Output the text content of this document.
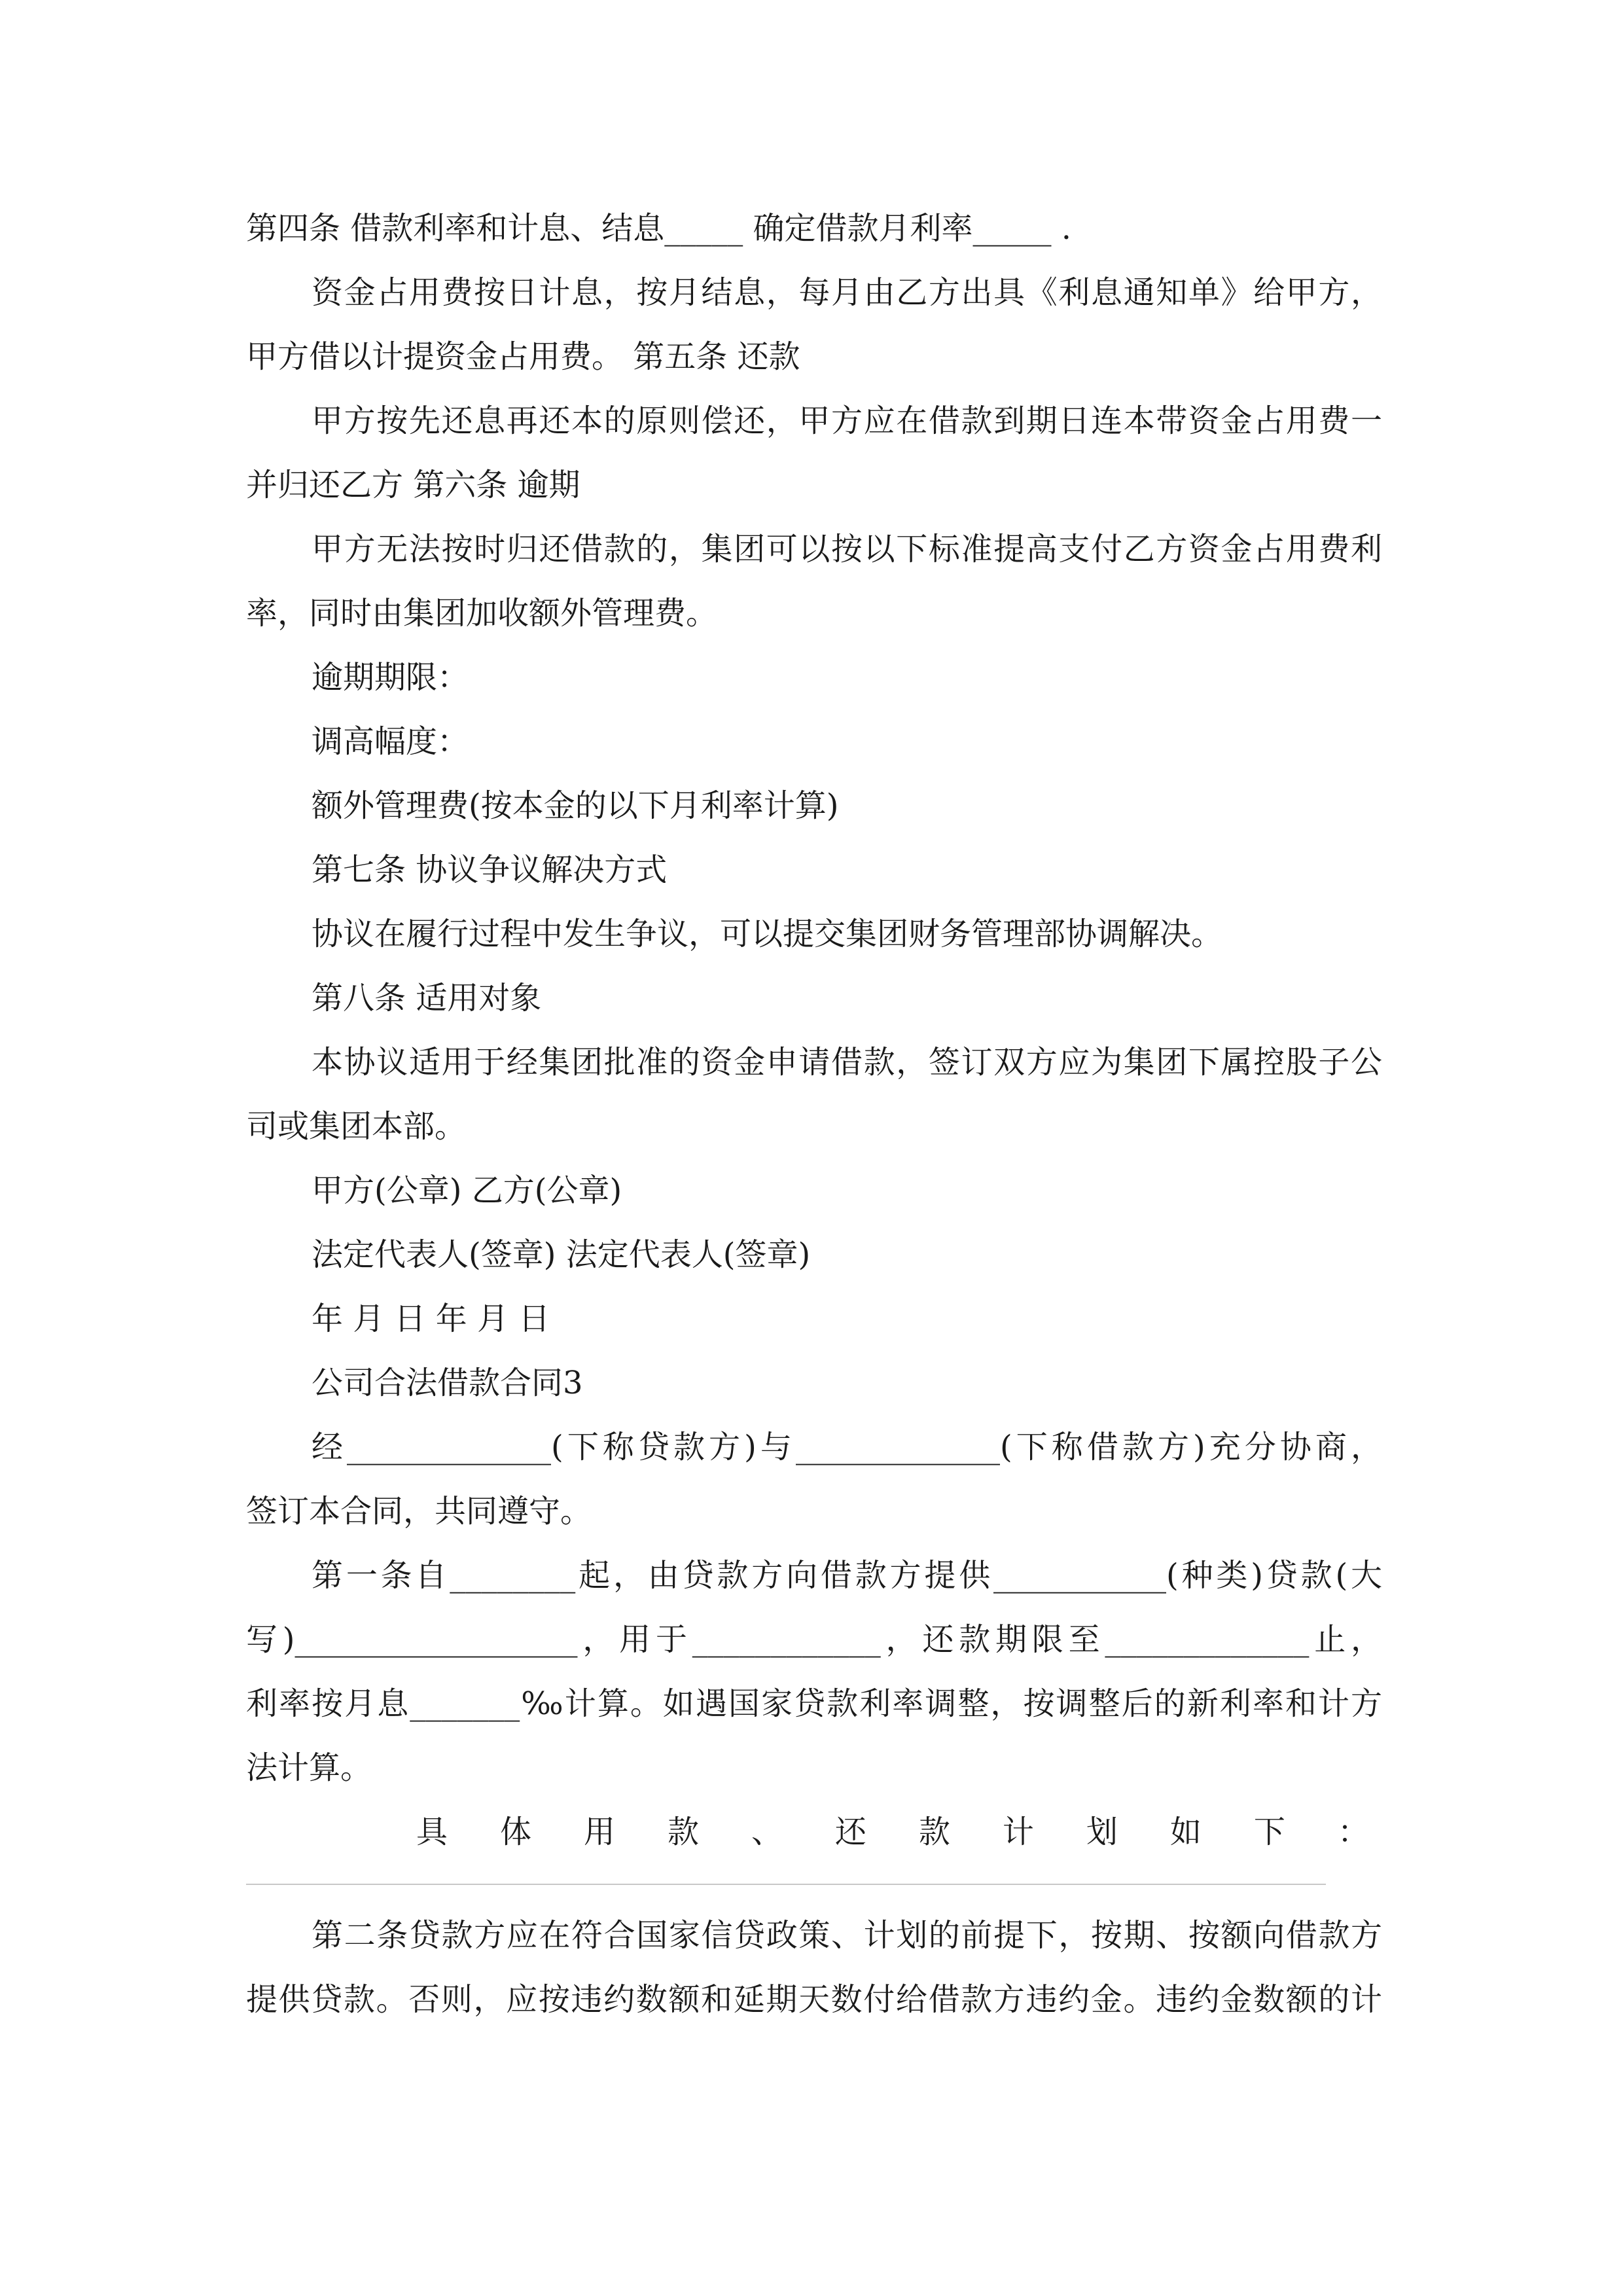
第四条 借款利率和计息、结息_____ 确定借款月利率_____ .
资金占用费按日计息，按月结息，每月由乙方出具《利息通知单》给甲方，
甲方借以计提资金占用费。 第五条 还款
甲方按先还息再还本的原则偿还，甲方应在借款到期日连本带资金占用费一
并归还乙方 第六条 逾期
甲方无法按时归还借款的，集团可以按以下标准提高支付乙方资金占用费利
率，同时由集团加收额外管理费。
逾期期限：
调高幅度：
额外管理费(按本金的以下月利率计算)
第七条 协议争议解决方式
协议在履行过程中发生争议，可以提交集团财务管理部协调解决。
第八条 适用对象
本协议适用于经集团批准的资金申请借款，签订双方应为集团下属控股子公
司或集团本部。
甲方(公章) 乙方(公章)
法定代表人(签章) 法定代表人(签章)
年 月 日 年 月 日
公司合法借款合同3
经_____________(下称贷款方)与_____________(下称借款方)充分协商，
签订本合同，共同遵守。
第一条自________起，由贷款方向借款方提供___________(种类)贷款(大
写)__________________，用于____________，还款期限至_____________止，
利率按月息_______‰计算。如遇国家贷款利率调整，按调整后的新利率和计方
法计算。
具 体 用 款 、 还 款 计 划 如 下 ：
第二条贷款方应在符合国家信贷政策、计划的前提下，按期、按额向借款方
提供贷款。否则，应按违约数额和延期天数付给借款方违约金。违约金数额的计
